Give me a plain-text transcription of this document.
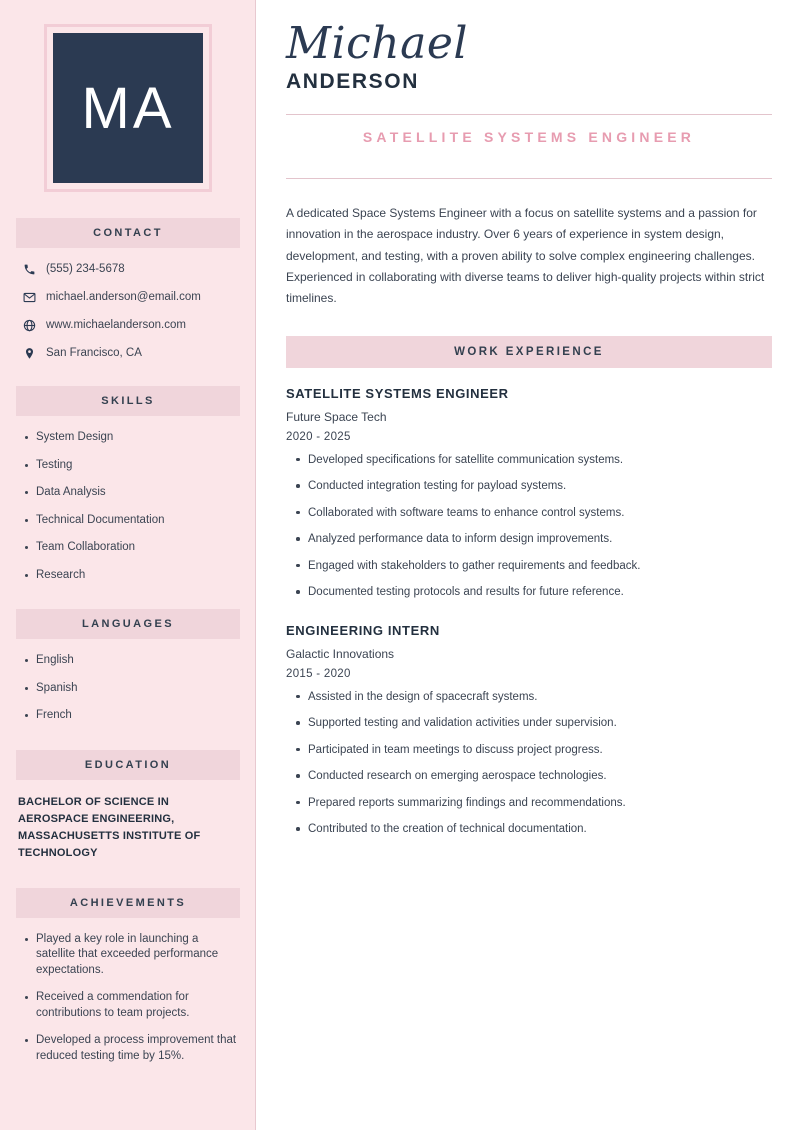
MA
CONTACT
(555) 234-5678
michael.anderson@email.com
www.michaelanderson.com
San Francisco, CA
SKILLS
System Design
Testing
Data Analysis
Technical Documentation
Team Collaboration
Research
LANGUAGES
English
Spanish
French
EDUCATION

BACHELOR OF SCIENCE IN AEROSPACE ENGINEERING, MASSACHUSETTS INSTITUTE OF TECHNOLOGY

ACHIEVEMENTS
Played a key role in launching a satellite that exceeded performance expectations.
Received a commendation for contributions to team projects.
Developed a process improvement that reduced testing time by 15%.
Michael
ANDERSON
SATELLITE SYSTEMS ENGINEER

A dedicated Space Systems Engineer with a focus on satellite systems and a passion for innovation in the aerospace industry. Over 6 years of experience in system design, development, and testing, with a proven ability to solve complex engineering challenges. Experienced in collaborating with diverse teams to deliver high-quality projects within strict timelines.

WORK EXPERIENCE
SATELLITE SYSTEMS ENGINEER
Future Space Tech
2020 - 2025
Developed specifications for satellite communication systems.
Conducted integration testing for payload systems.
Collaborated with software teams to enhance control systems.
Analyzed performance data to inform design improvements.
Engaged with stakeholders to gather requirements and feedback.
Documented testing protocols and results for future reference.
ENGINEERING INTERN
Galactic Innovations
2015 - 2020
Assisted in the design of spacecraft systems.
Supported testing and validation activities under supervision.
Participated in team meetings to discuss project progress.
Conducted research on emerging aerospace technologies.
Prepared reports summarizing findings and recommendations.
Contributed to the creation of technical documentation.
